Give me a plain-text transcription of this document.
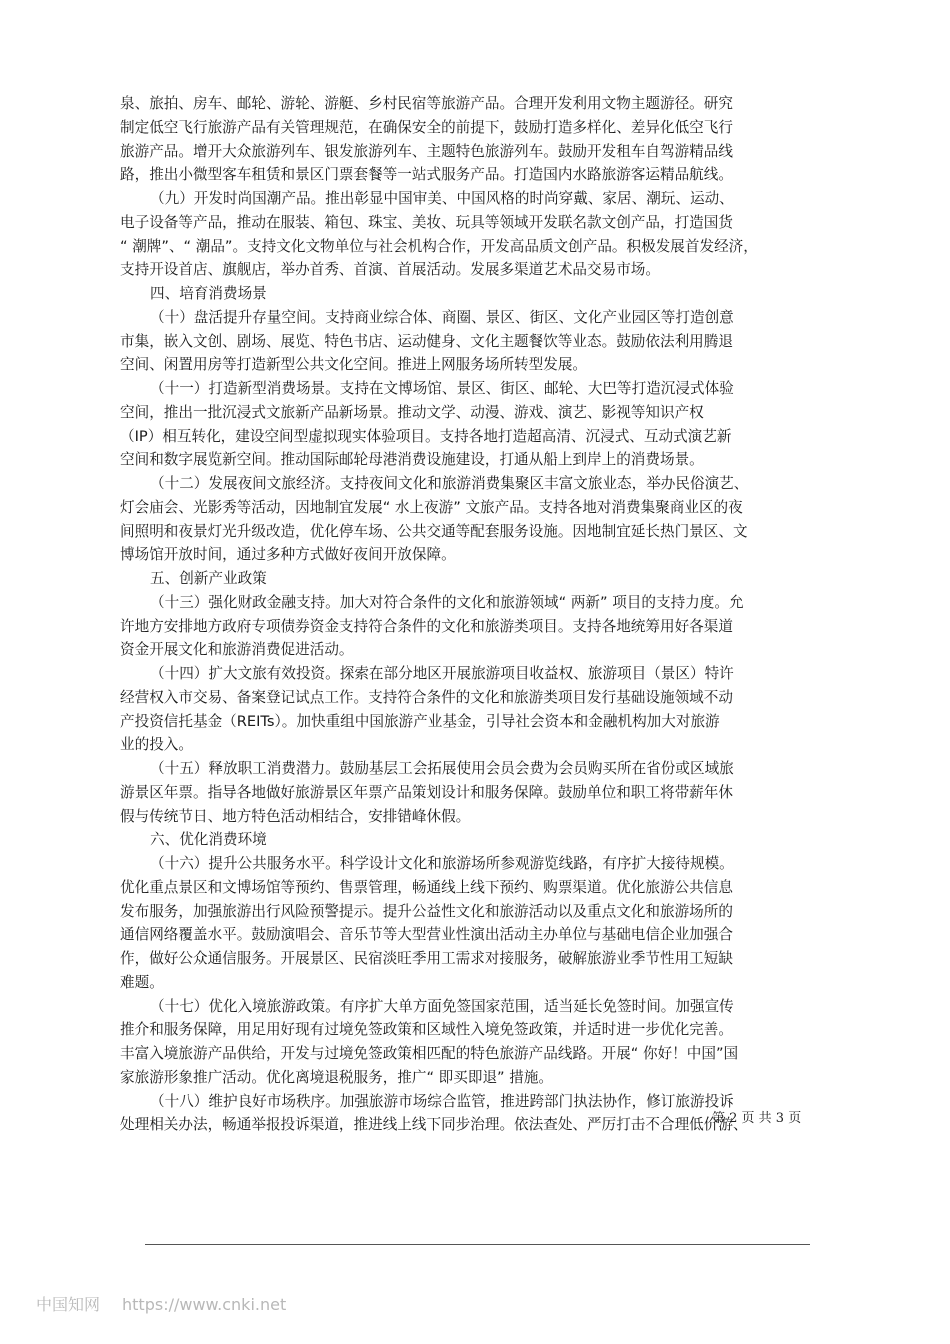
泉、旅拍、房车、邮轮、游轮、游艇、乡村民宿等旅游产品。合理开发利用文物主题游径。研究
制定低空飞行旅游产品有关管理规范，在确保安全的前提下，鼓励打造多样化、差异化低空飞行
旅游产品。增开大众旅游列车、银发旅游列车、主题特色旅游列车。鼓励开发租车自驾游精品线
路，推出小微型客车租赁和景区门票套餐等一站式服务产品。打造国内水路旅游客运精品航线。
（九）开发时尚国潮产品。推出彰显中国审美、中国风格的时尚穿戴、家居、潮玩、运动、
电子设备等产品，推动在服装、箱包、珠宝、美妆、玩具等领域开发联名款文创产品，打造国货
“ 潮牌”、“ 潮品”。支持文化文物单位与社会机构合作，开发高品质文创产品。积极发展首发经济，
支持开设首店、旗舰店，举办首秀、首演、首展活动。发展多渠道艺术品交易市场。
四、培育消费场景
（十）盘活提升存量空间。支持商业综合体、商圈、景区、街区、文化产业园区等打造创意
市集，嵌入文创、剧场、展览、特色书店、运动健身、文化主题餐饮等业态。鼓励依法利用腾退
空间、闲置用房等打造新型公共文化空间。推进上网服务场所转型发展。
（十一）打造新型消费场景。支持在文博场馆、景区、街区、邮轮、大巴等打造沉浸式体验
空间，推出一批沉浸式文旅新产品新场景。推动文学、动漫、游戏、演艺、影视等知识产权
（IP）相互转化，建设空间型虚拟现实体验项目。支持各地打造超高清、沉浸式、互动式演艺新
空间和数字展览新空间。推动国际邮轮母港消费设施建设，打通从船上到岸上的消费场景。
（十二）发展夜间文旅经济。支持夜间文化和旅游消费集聚区丰富文旅业态，举办民俗演艺、
灯会庙会、光影秀等活动，因地制宜发展“ 水上夜游” 文旅产品。支持各地对消费集聚商业区的夜
间照明和夜景灯光升级改造，优化停车场、公共交通等配套服务设施。因地制宜延长热门景区、文
博场馆开放时间，通过多种方式做好夜间开放保障。
五、创新产业政策
（十三）强化财政金融支持。加大对符合条件的文化和旅游领域“ 两新” 项目的支持力度。允
许地方安排地方政府专项债券资金支持符合条件的文化和旅游类项目。支持各地统筹用好各渠道
资金开展文化和旅游消费促进活动。
（十四）扩大文旅有效投资。探索在部分地区开展旅游项目收益权、旅游项目（景区）特许
经营权入市交易、备案登记试点工作。支持符合条件的文化和旅游类项目发行基础设施领域不动
产投资信托基金（REITs）。加快重组中国旅游产业基金，引导社会资本和金融机构加大对旅游
业的投入。
（十五）释放职工消费潜力。鼓励基层工会拓展使用会员会费为会员购买所在省份或区域旅
游景区年票。指导各地做好旅游景区年票产品策划设计和服务保障。鼓励单位和职工将带薪年休
假与传统节日、地方特色活动相结合，安排错峰休假。
六、优化消费环境
（十六）提升公共服务水平。科学设计文化和旅游场所参观游览线路，有序扩大接待规模。
优化重点景区和文博场馆等预约、售票管理，畅通线上线下预约、购票渠道。优化旅游公共信息
发布服务，加强旅游出行风险预警提示。提升公益性文化和旅游活动以及重点文化和旅游场所的
通信网络覆盖水平。鼓励演唱会、音乐节等大型营业性演出活动主办单位与基础电信企业加强合
作，做好公众通信服务。开展景区、民宿淡旺季用工需求对接服务，破解旅游业季节性用工短缺
难题。
（十七）优化入境旅游政策。有序扩大单方面免签国家范围，适当延长免签时间。加强宣传
推介和服务保障，用足用好现有过境免签政策和区域性入境免签政策，并适时进一步优化完善。
丰富入境旅游产品供给，开发与过境免签政策相匹配的特色旅游产品线路。开展“ 你好！中国”国
家旅游形象推广活动。优化离境退税服务，推广“ 即买即退” 措施。
（十八）维护良好市场秩序。加强旅游市场综合监管，推进跨部门执法协作，修订旅游投诉
处理相关办法，畅通举报投诉渠道，推进线上线下同步治理。依法查处、严厉打击不合理低价游、
第 2 页 共 3 页
中国知网 https://www.cnki.net
